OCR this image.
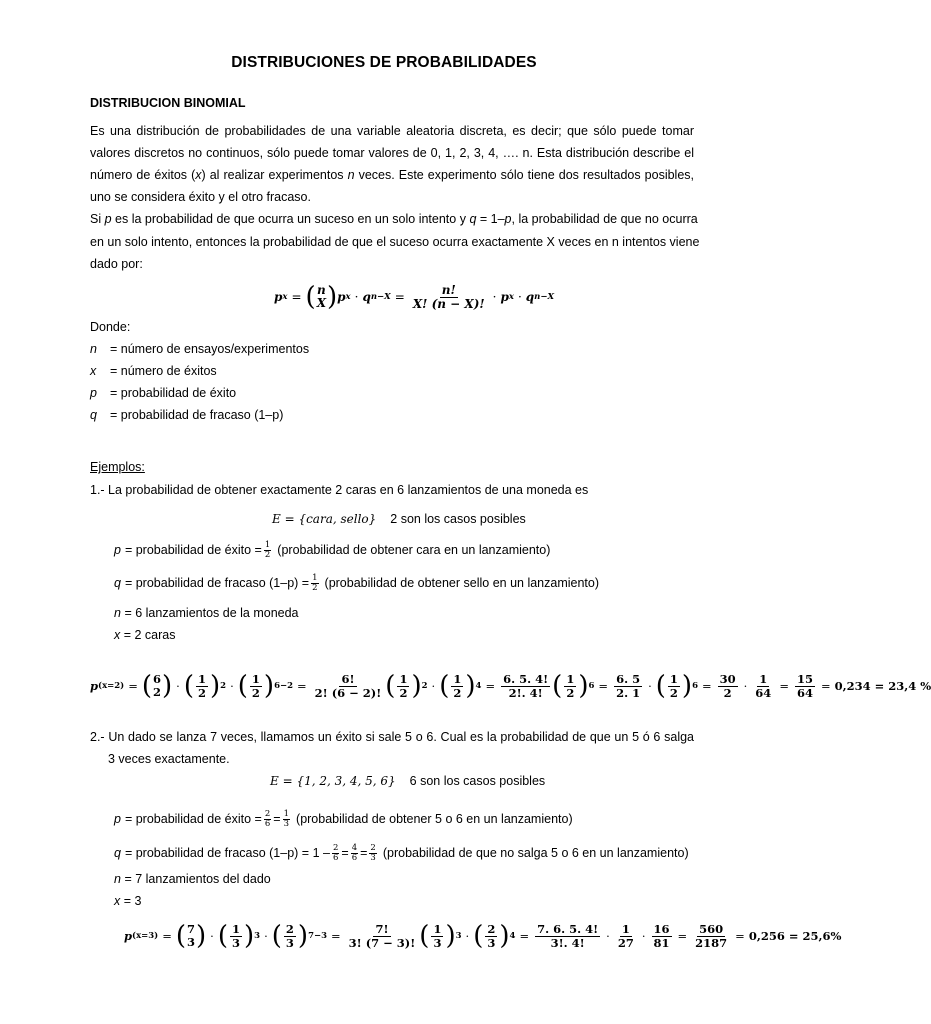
DISTRIBUCIONES DE PROBABILIDADES
DISTRIBUCION BINOMIAL
Es una distribución de probabilidades de una variable aleatoria discreta, es decir; que sólo puede tomar
valores discretos no continuos, sólo puede tomar valores de 0, 1, 2, 3, 4, …. n. Esta distribución describe el
número de éxitos (x) al realizar experimentos n veces. Este experimento sólo tiene dos resultados posibles,
uno se considera éxito y el otro fracaso.
Si p es la probabilidad de que ocurra un suceso en un solo intento y q = 1–p, la probabilidad de que no ocurra
en un solo intento, entonces la probabilidad de que el suceso ocurra exactamente X veces en n intentos viene
dado por:
p x = ( n
X ) p x · q $n-X = \frac{n!}{X! (n - X)!} \cdot p$ x · q n−X
Donde:
n = número de ensayos/experimentos
x = número de éxitos
p = probabilidad de éxito
q = probabilidad de fracaso (1–p)
Ejemplos:
1.- La probabilidad de obtener exactamente 2 caras en 6 lanzamientos de una moneda es
E = {cara, sello} 2 son los casos posibles
p = probabilidad de éxito = $\frac{1}{2}$ (probabilidad de obtener cara en un lanzamiento)
q = probabilidad de fracaso $(1-p) = \frac{1}{2}$ (probabilidad de obtener sello en un lanzamiento)
n = 6 lanzamientos de la moneda
x = 2 caras
p (x=2) = ( 6
2 ) · ( $\frac{1}{2}$ ) 2 · ( $\frac{1}{2}$ ) $6-2 = \frac{6!}{2! (6 - 2)!}$ ( $\frac{1}{2}$ ) 2 · ( $\frac{1}{2}$ ) $4 = \frac{6. 5. 4!}{2!. 4!}$ ( $\frac{1}{2}$ ) $6 = \frac{6. 5}{2. 1}$ · ( $\frac{1}{2}$ ) $6 = \frac{30}{2} \cdot \frac{1}{64} = \frac{15}{64} = 0,234 = 23,4$ %
2.- Un dado se lanza 7 veces, llamamos un éxito si sale 5 o 6. Cual es la probabilidad de que un 5 ó 6 salga
3 veces exactamente.
E = {1, 2, 3, 4, 5, 6} 6 son los casos posibles
p = probabilidad de éxito = $\frac{2}{6} = \frac{1}{3}$ (probabilidad de obtener 5 o 6 en un lanzamiento)
q = probabilidad de fracaso $(1-p) = 1 - \frac{2}{6} = \frac{4}{6} = \frac{2}{3}$ (probabilidad de que no salga 5 o 6 en un lanzamiento)
n = 7 lanzamientos del dado
x = 3
p (x=3) = ( 7
3 ) · ( $\frac{1}{3}$ ) 3 · ( $\frac{2}{3}$ ) $7-3 = \frac{7!}{3! (7 - 3)!}$ ( $\frac{1}{3}$ ) 3 · ( $\frac{2}{3}$ ) $4 = \frac{7. 6. 5. 4!}{3!. 4!} \cdot \frac{1}{27} \cdot \frac{16}{81} = \frac{560}{2187} = 0,256 = 25,6\%$
